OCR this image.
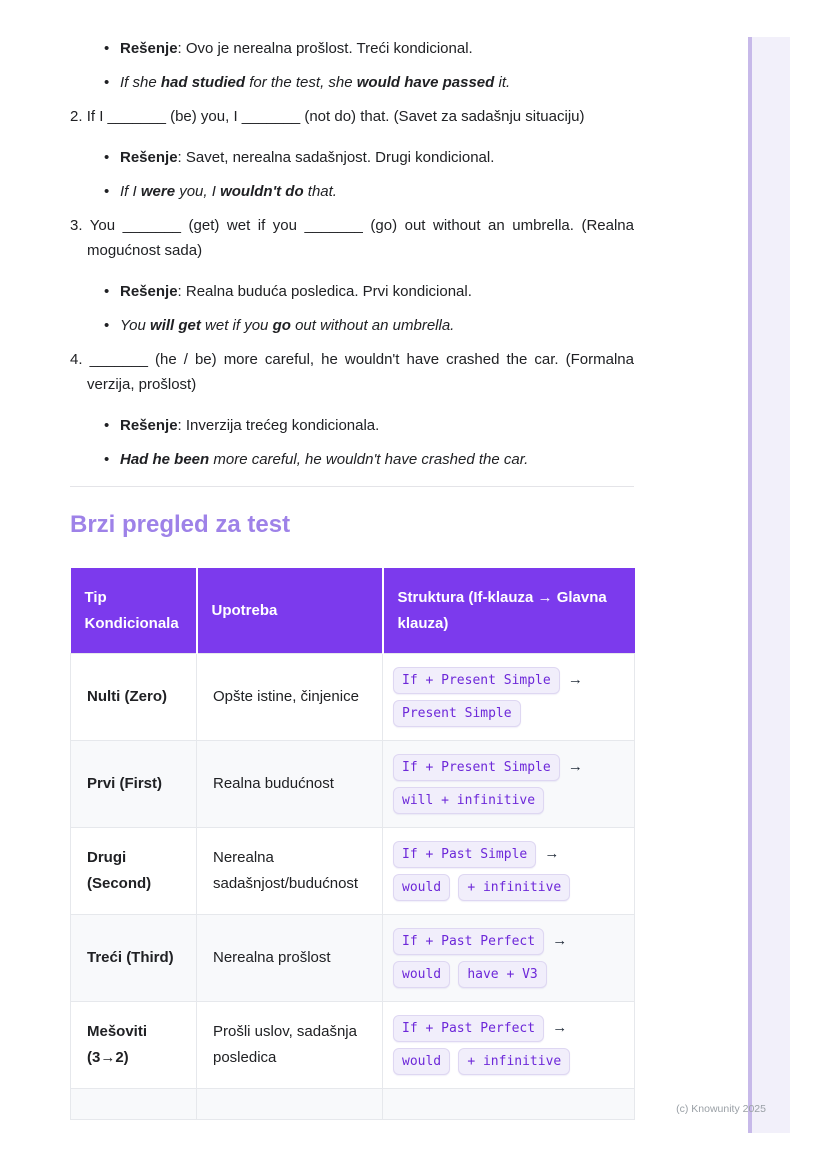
• Rešenje: Ovo je nerealna prošlost. Treći kondicional.
• If she had studied for the test, she would have passed it.
2. If I _______ (be) you, I _______ (not do) that. (Savet za sadašnju situaciju)
• Rešenje: Savet, nerealna sadašnjost. Drugi kondicional.
• If I were you, I wouldn't do that.
3. You _______ (get) wet if you _______ (go) out without an umbrella. (Realna mogućnost sada)
• Rešenje: Realna buduća posledica. Prvi kondicional.
• You will get wet if you go out without an umbrella.
4. _______ (he / be) more careful, he wouldn't have crashed the car. (Formalna verzija, prošlost)
• Rešenje: Inverzija trećeg kondicionala.
• Had he been more careful, he wouldn't have crashed the car.
Brzi pregled za test
Tip Kondicionala	Upotreba	Struktura (If-klauza → Glavna klauza)
Nulti (Zero)	Opšte istine, činjenice	If + Present Simple → Present Simple
Prvi (First)	Realna budućnost	If + Present Simple → will + infinitive
Drugi (Second)	Nerealna sadašnjost/budućnost	If + Past Simple → would + infinitive
Treći (Third)	Nerealna prošlost	If + Past Perfect → would have + V3
Mešoviti (3→2)	Prošli uslov, sadašnja posledica	If + Past Perfect → would + infinitive

(c) Knowunity 2025
